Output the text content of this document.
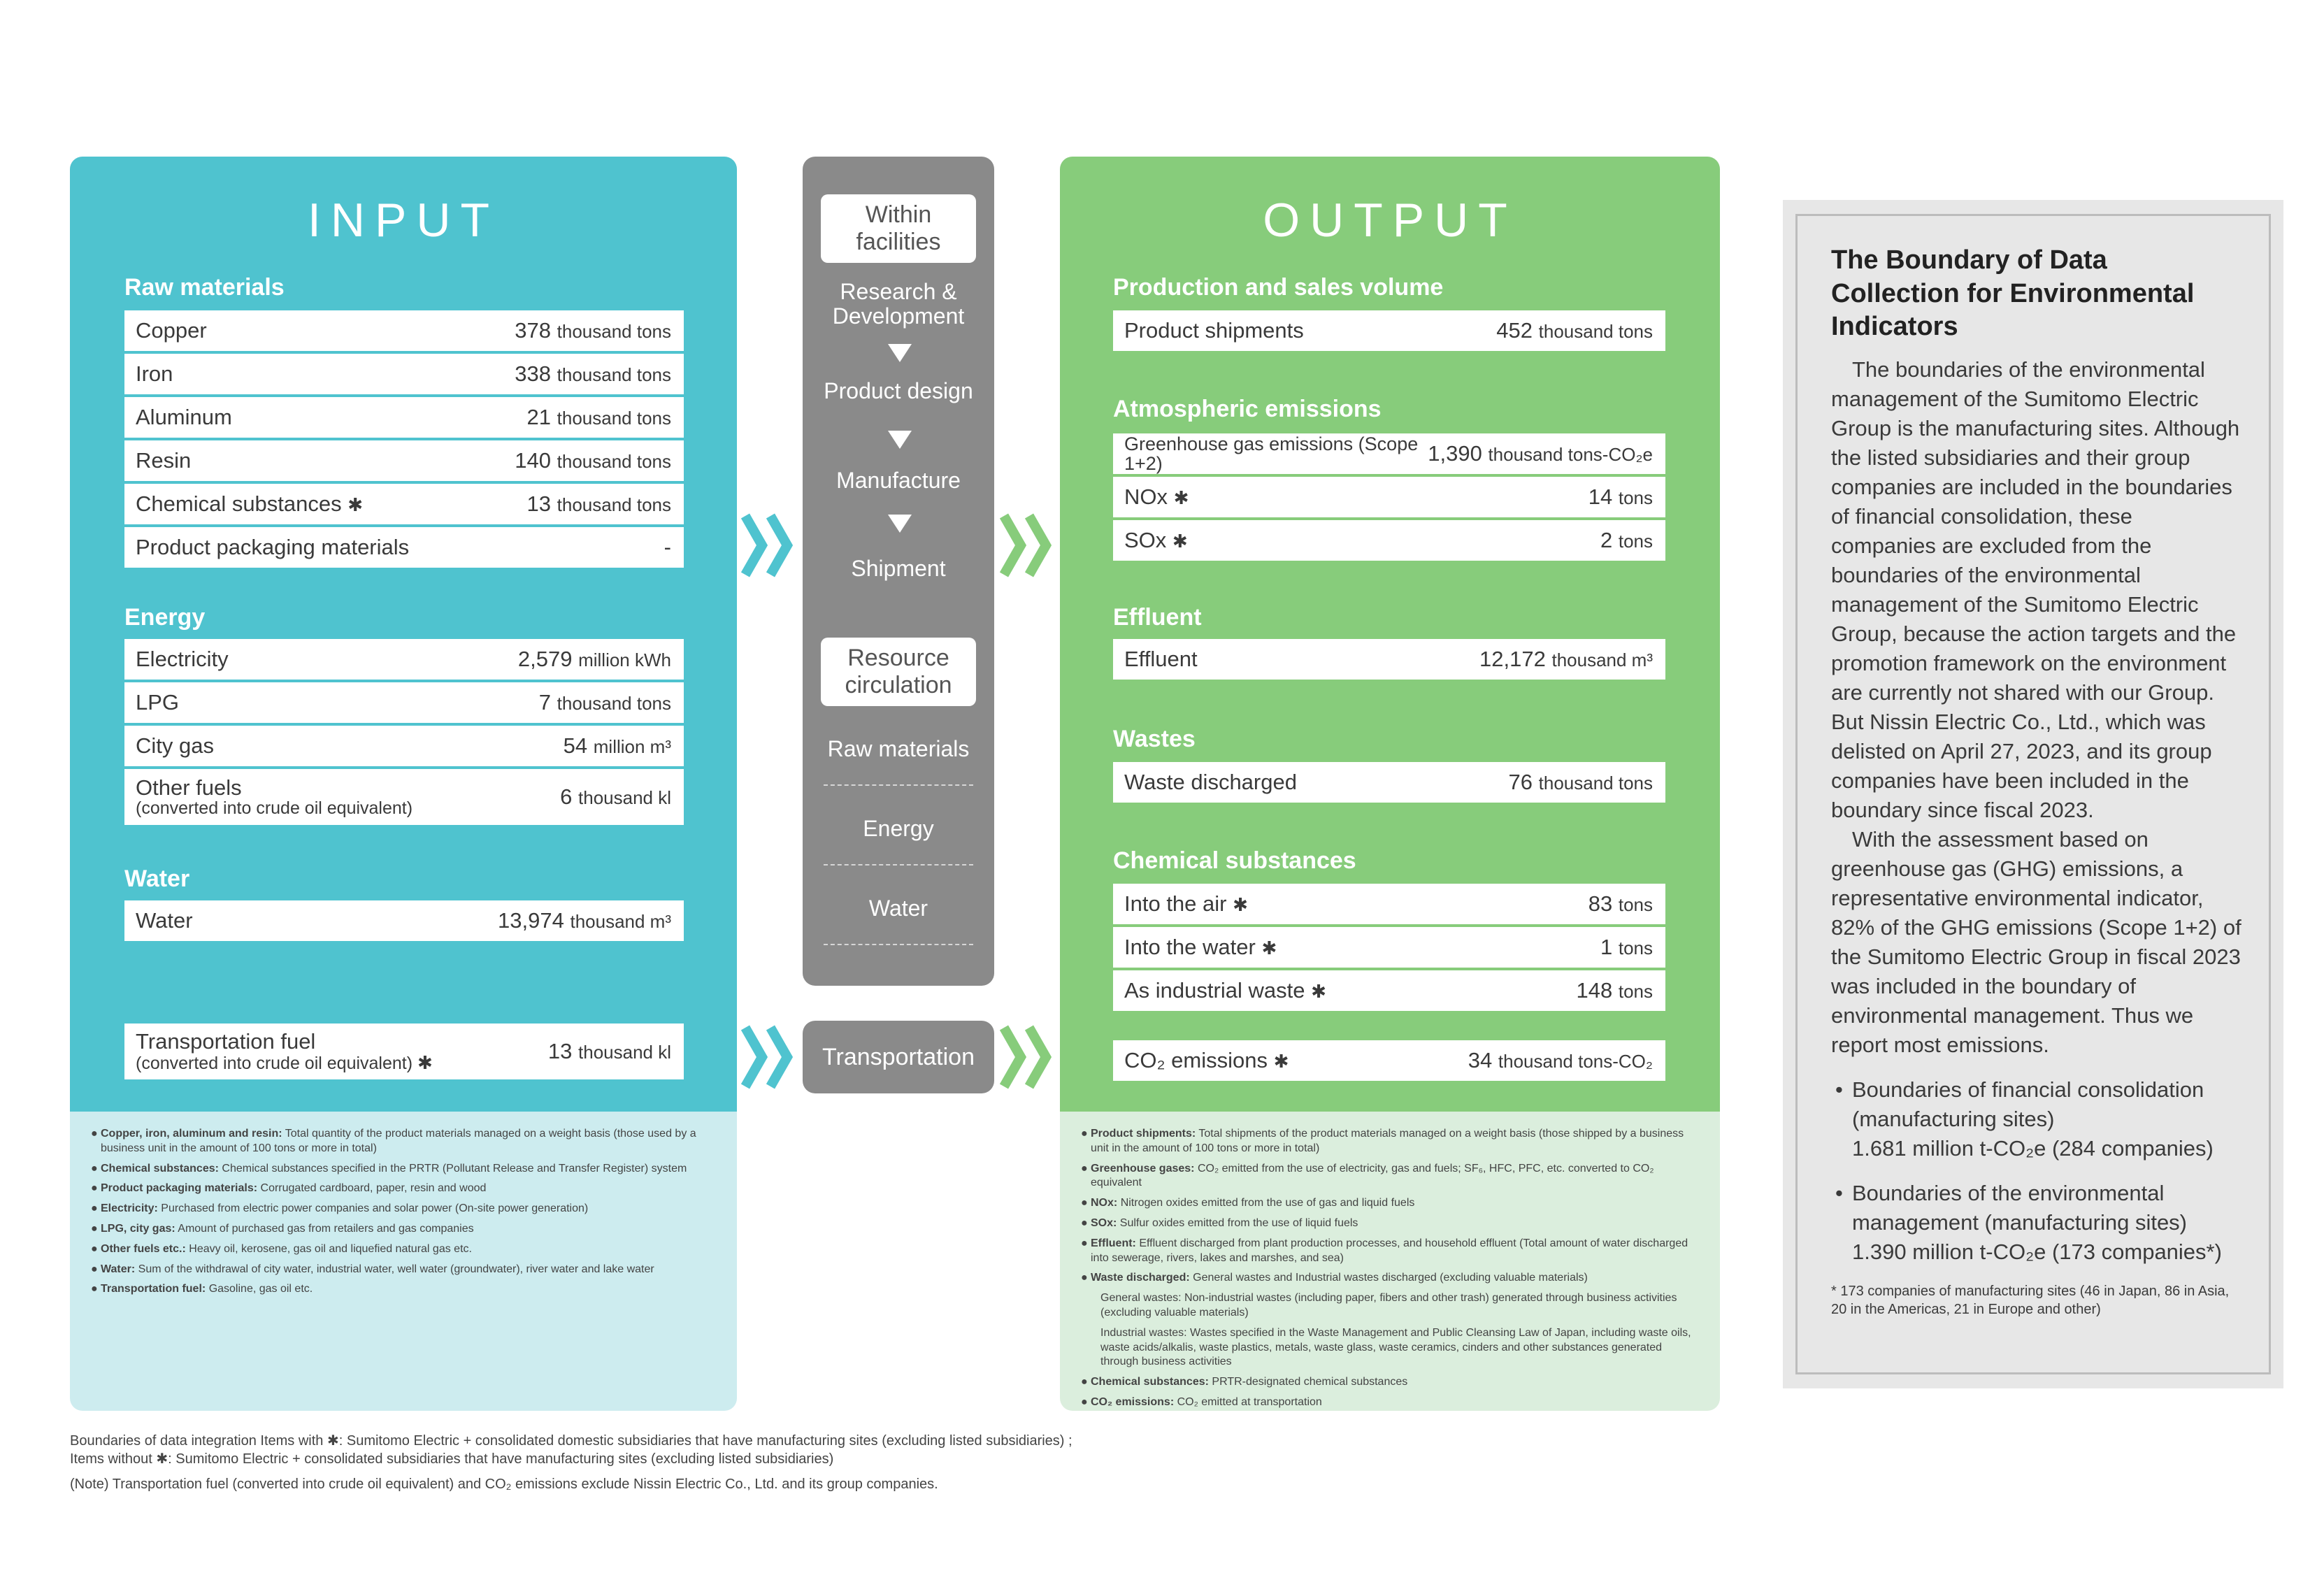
INPUT
Raw materials
Copper	378 thousand tons
Iron	338 thousand tons
Aluminum	21 thousand tons
Resin	140 thousand tons
Chemical substances ✱	13 thousand tons
Product packaging materials	-
Energy
Electricity	2,579 million kWh
LPG	7 thousand tons
City gas	54 million m³
Other fuels
(converted into crude oil equivalent)	6 thousand kl
Water
Water	13,974 thousand m³
Transportation fuel
(converted into crude oil equivalent) ✱	13 thousand kl
● Copper, iron, aluminum and resin: Total quantity of the product materials managed on a weight basis (those used by a business unit in the amount of 100 tons or more in total)
● Chemical substances: Chemical substances specified in the PRTR (Pollutant Release and Transfer Register) system
● Product packaging materials: Corrugated cardboard, paper, resin and wood
● Electricity: Purchased from electric power companies and solar power (On-site power generation)
● LPG, city gas: Amount of purchased gas from retailers and gas companies
● Other fuels etc.: Heavy oil, kerosene, gas oil and liquefied natural gas etc.
● Water: Sum of the withdrawal of city water, industrial water, well water (groundwater), river water and lake water
● Transportation fuel: Gasoline, gas oil etc.
Within facilities
Research & Development
Product design
Manufacture
Shipment
Resource circulation
Raw materials
Energy
Water
Transportation
OUTPUT
Production and sales volume
Product shipments	452 thousand tons
Atmospheric emissions
Greenhouse gas emissions (Scope 1+2)	1,390 thousand tons-CO₂e
NOx ✱	14 tons
SOx ✱	2 tons
Effluent
Effluent	12,172 thousand m³
Wastes
Waste discharged	76 thousand tons
Chemical substances
Into the air ✱	83 tons
Into the water ✱	1 tons
As industrial waste ✱	148 tons
CO₂ emissions ✱	34 thousand tons-CO₂
● Product shipments: Total shipments of the product materials managed on a weight basis (those shipped by a business unit in the amount of 100 tons or more in total)
● Greenhouse gases: CO₂ emitted from the use of electricity, gas and fuels; SF₆, HFC, PFC, etc. converted to CO₂ equivalent
● NOx: Nitrogen oxides emitted from the use of gas and liquid fuels
● SOx: Sulfur oxides emitted from the use of liquid fuels
● Effluent: Effluent discharged from plant production processes, and household effluent (Total amount of water discharged into sewerage, rivers, lakes and marshes, and sea)
● Waste discharged: General wastes and Industrial wastes discharged (excluding valuable materials)
General wastes: Non-industrial wastes (including paper, fibers and other trash) generated through business activities (excluding valuable materials)
Industrial wastes: Wastes specified in the Waste Management and Public Cleansing Law of Japan, including waste oils, waste acids/alkalis, waste plastics, metals, waste glass, waste ceramics, cinders and other substances generated through business activities
● Chemical substances: PRTR-designated chemical substances
● CO₂ emissions: CO₂ emitted at transportation
Boundaries of data integration Items with ✱: Sumitomo Electric + consolidated domestic subsidiaries that have manufacturing sites (excluding listed subsidiaries) ;
Items without ✱: Sumitomo Electric + consolidated subsidiaries that have manufacturing sites (excluding listed subsidiaries)
(Note) Transportation fuel (converted into crude oil equivalent) and CO₂ emissions exclude Nissin Electric Co., Ltd. and its group companies.
The Boundary of Data Collection for Environmental Indicators

The boundaries of the environmental management of the Sumitomo Electric Group is the manufacturing sites. Although the listed subsidiaries and their group companies are included in the boundaries of financial consolidation, these companies are excluded from the boundaries of the environmental management of the Sumitomo Electric Group, because the action targets and the promotion framework on the environment are currently not shared with our Group. But Nissin Electric Co., Ltd., which was delisted on April 27, 2023, and its group companies have been included in the boundary since fiscal 2023.

With the assessment based on greenhouse gas (GHG) emissions, a representative environmental indicator, 82% of the GHG emissions (Scope 1+2) of the Sumitomo Electric Group in fiscal 2023 was included in the boundary of environmental management. Thus we report most emissions.

• Boundaries of financial consolidation (manufacturing sites)
1.681 million t-CO₂e (284 companies)
• Boundaries of the environmental management (manufacturing sites)
1.390 million t-CO₂e (173 companies*)
* 173 companies of manufacturing sites (46 in Japan, 86 in Asia, 20 in the Americas, 21 in Europe and other)
